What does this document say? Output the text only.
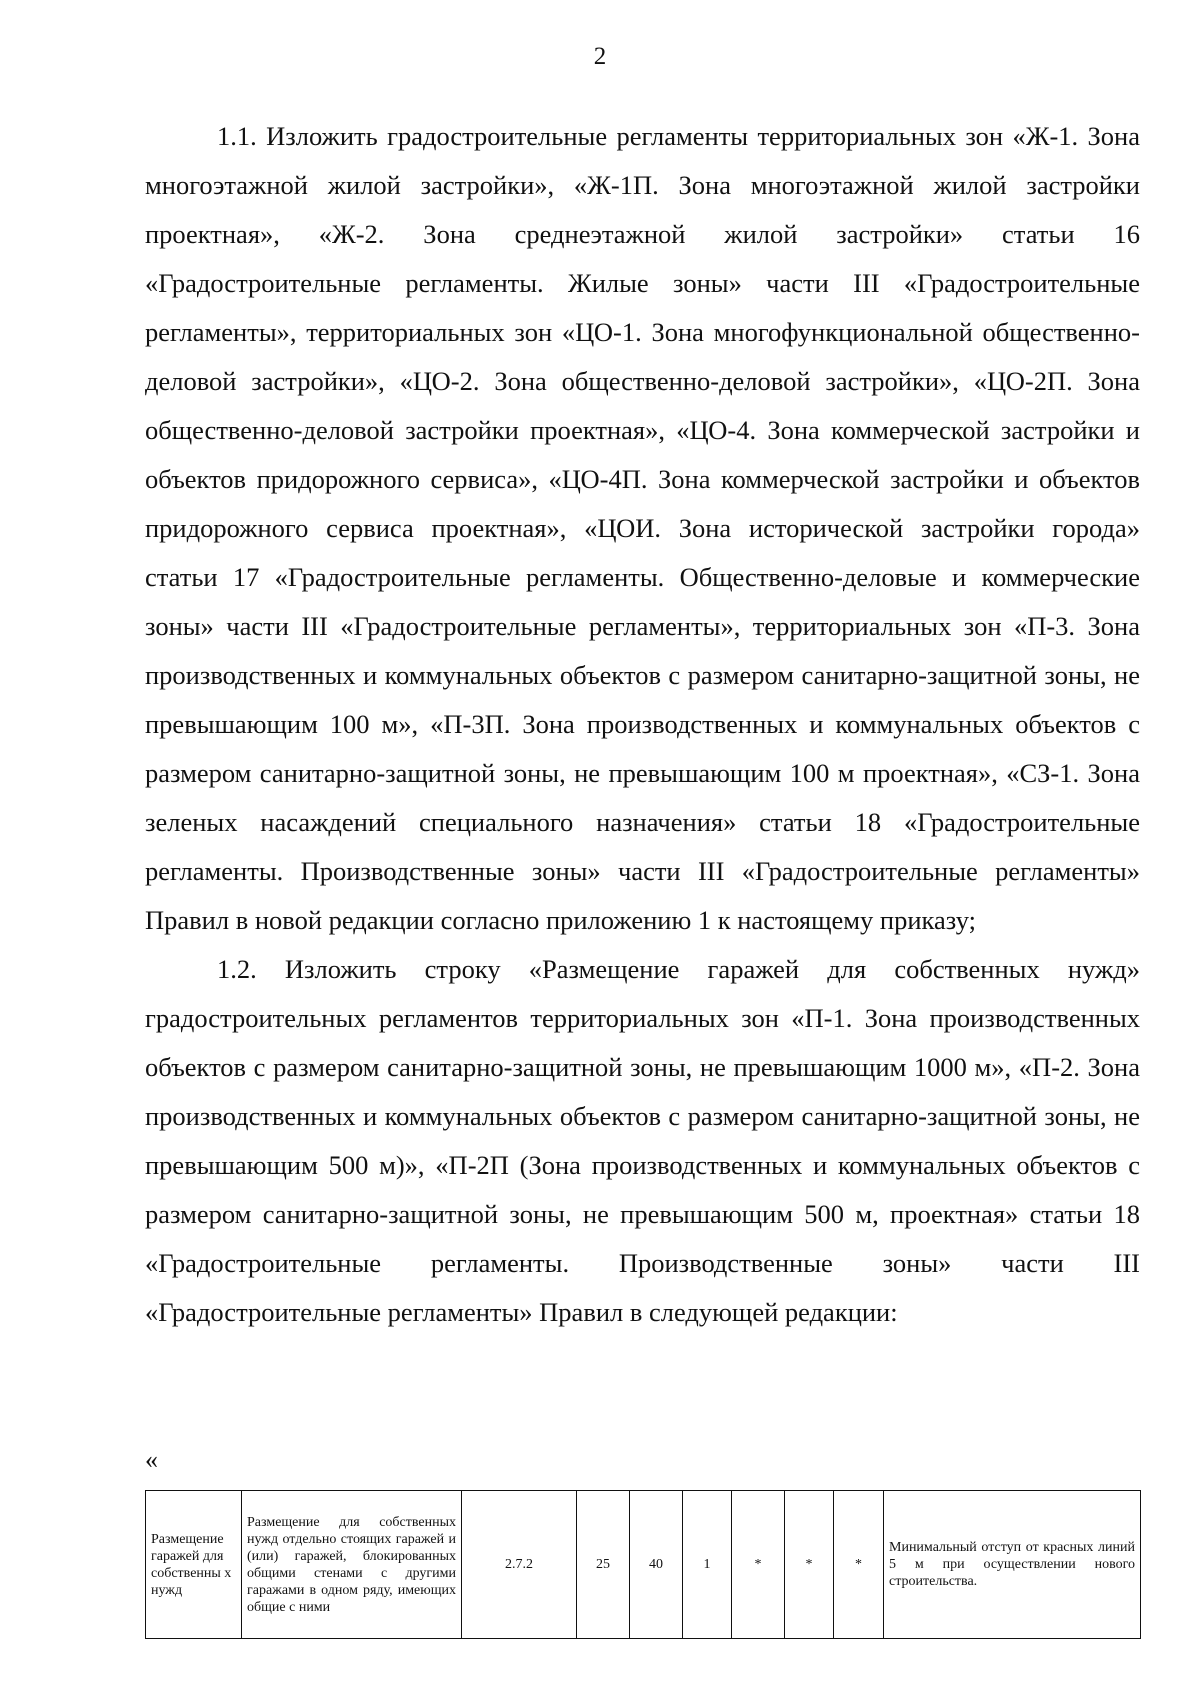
2

1.1. Изложить градостроительные регламенты территориальных зон «Ж-1. Зона многоэтажной жилой застройки», «Ж-1П. Зона многоэтажной жилой застройки проектная», «Ж-2. Зона среднеэтажной жилой застройки» статьи 16 «Градостроительные регламенты. Жилые зоны» части III «Градостроительные регламенты», территориальных зон «ЦО-1. Зона многофункциональной общественно-деловой застройки», «ЦО-2. Зона общественно-деловой застройки», «ЦО-2П. Зона общественно-деловой застройки проектная», «ЦО-4. Зона коммерческой застройки и объектов придорожного сервиса», «ЦО-4П. Зона коммерческой застройки и объектов придорожного сервиса проектная», «ЦОИ. Зона исторической застройки города» статьи 17 «Градостроительные регламенты. Общественно-деловые и коммерческие зоны» части III «Градостроительные регламенты», территориальных зон «П-3. Зона производственных и коммунальных объектов с размером санитарно-защитной зоны, не превышающим 100 м», «П-3П. Зона производственных и коммунальных объектов с размером санитарно-защитной зоны, не превышающим 100 м проектная», «СЗ-1. Зона зеленых насаждений специального назначения» статьи 18 «Градостроительные регламенты. Производственные зоны» части III «Градостроительные регламенты» Правил в новой редакции согласно приложению 1 к настоящему приказу;

1.2. Изложить строку «Размещение гаражей для собственных нужд» градостроительных регламентов территориальных зон «П-1. Зона производственных объектов с размером санитарно-защитной зоны, не превышающим 1000 м», «П-2. Зона производственных и коммунальных объектов с размером санитарно-защитной зоны, не превышающим 500 м)», «П-2П (Зона производственных и коммунальных объектов с размером санитарно-защитной зоны, не превышающим 500 м, проектная» статьи 18 «Градостроительные регламенты. Производственные зоны» части III «Градостроительные регламенты» Правил в следующей редакции:

«
Размещение гаражей для собственны х нужд	Размещение для собственных нужд отдельно стоящих гаражей и (или) гаражей, блокированных общими стенами с другими гаражами в одном ряду, имеющих общие с ними	2.7.2	25	40	1	*	*	*	Минимальный отступ от красных линий 5 м при осуществлении нового строительства.
